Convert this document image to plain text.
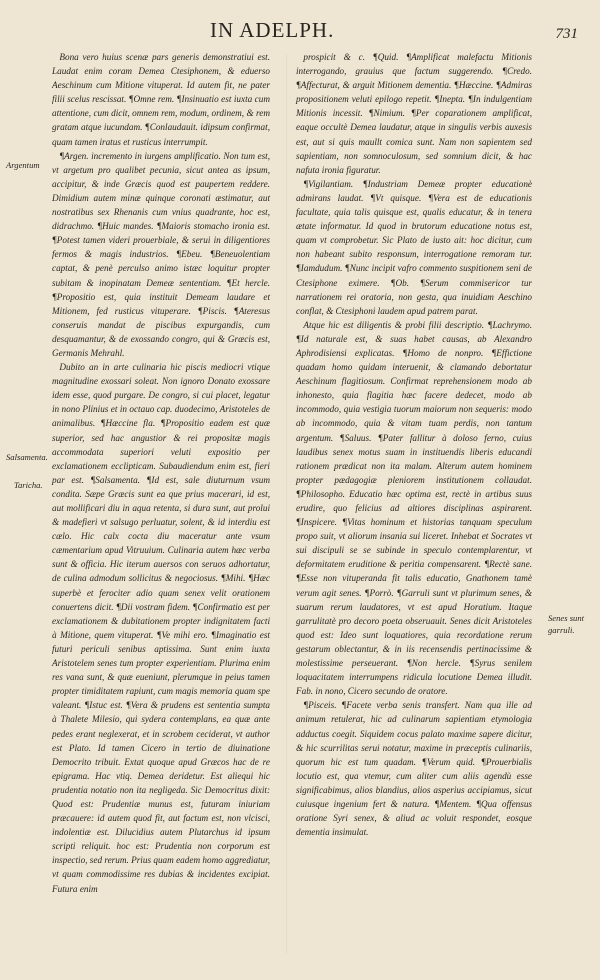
IN ADELPH.	731
Argentum
Salsamenta.
Taricha.
Senes sunt garruli.

Bona vero huius scenæ pars generis demonstratiui est. Laudat enim coram Demea Ctesiphonem, & eduerso Aeschinum cum Mitione vituperat. Id autem fit, ne pater filii scelus rescissat. ¶Omne rem. ¶Insinuatio est iuxta cum attentione, cum dicit, omnem rem, modum, ordinem, & rem gratam atque iucundam. ¶Conlaudauit. idipsum confirmat, quam tamen iratus et rusticus interrumpit.

¶Argen. incremento in iurgens amplificatio. Non tum est, vt argetum pro qualibet pecunia, sicut antea as ipsum, accipitur, & inde Græcis quod est paupertem reddere. Dimidium autem minæ quinque coronati æstimatur, aut nostratibus sex Rhenanis cum vnius quadrante, hoc est, didrachmo. ¶Huic mandes. ¶Maioris stomacho ironia est. ¶Potest tamen videri prouerbiale, & serui in diligentiores fermos & magis industrios. ¶Ebeu. ¶Beneuolentiam captat, & penè perculso animo istæc loquitur propter subitam & inopinatam Demeæ sententiam. ¶Et hercle. ¶Propositio est, quia instituit Demeam laudare et Mitionem, fed rusticus vituperare. ¶Piscis. ¶Ateresus conseruis mandat de piscibus expurgandis, cum desquamantur, & de exossando congro, qui & Græcis est, Germanis Mehrahl.

Dubito an in arte culinaria hic piscis mediocri vtique magnitudine exossari soleat. Non ignoro Donato exossare idem esse, quod purgare. De congro, si cui placet, legatur in nono Plinius et in octauo cap. duodecimo, Aristoteles de animalibus. ¶Hæccine fla. ¶Propositio eadem est quæ superior, sed hac angustior & rei propositæ magis accommodata superiori veluti expositio per exclamationem ecclipticam. Subaudiendum enim est, fieri par est. ¶Salsamenta. ¶Id est, sale diuturnum vsum condita. Sæpe Græcis sunt ea que prius macerari, id est, aut mollificari diu in aqua retenta, si dura sunt, aut prolui & madefieri vt salsugo perluatur, solent, & id interdiu est cælo. Hic calx cocta diu maceratur ante vsum cæmentarium apud Vitruuium. Culinaria autem hæc verba sunt & officia. Hic iterum auersos con seruos adhortatur, de culina admodum sollicitus & negociosus. ¶Mihi. ¶Hæc superbè et ferociter adio quam senex velit orationem conuertens dicit. ¶Dii vostram fidem. ¶Confirmatio est per exclamationem & dubitationem propter indignitatem facti à Mitione, quem vituperat. ¶Ve mihi ero. ¶Imaginatio est futuri periculi senibus aptissima. Sunt enim iuxta Aristotelem senes tum propter experientiam. Plurima enim res vana sunt, & quæ eueniunt, plerumque in peius tamen propter timiditatem rapiunt, cum magis memoria quam spe valeant. ¶Istuc est. ¶Vera & prudens est sententia sumpta à Thalete Milesio, qui sydera contemplans, ea quæ ante pedes erant neglexerat, et in scrobem ceciderat, vt author est Plato. Id tamen Cicero in tertio de diuinatione Democrito tribuit. Extat quoque apud Græcos hac de re epigrama. Hac vtiq. Demea deridetur. Est aliequi hic prudentia notatio non ita negligeda. Sic Democritus dixit: Quod est: Prudentiæ munus est, futuram iniuriam præcauere: id autem quod fit, aut factum est, non vlcisci, indolentiæ est. Dilucidius autem Plutarchus id ipsum scripti reliquit. hoc est: Prudentia non corporum est inspectio, sed rerum. Prius quam eadem homo aggrediatur, vt quam commodissime res dubias & incidentes excipiat. Futura enim

prospicit & c. ¶Quid. ¶Amplificat malefactu Mitionis interrogando, grauius que factum suggerendo. ¶Credo. ¶Affecturat, & arguit Mitionem dementia. ¶Hæccine. ¶Admiras propositionem veluti epilogo repetit. ¶Inepta. ¶In indulgentiam Mitionis incessit. ¶Nimium. ¶Per coparationem amplificat, eaque occultè Demea laudatur, atque in singulis verbis auxesis est, aut si quis maullt comica sunt. Nam non sapientem sed sapientiam, non somnoculosum, sed somnium dicit, & hac nafuta ironia figuratur.

¶Vigilantiam. ¶Industriam Demeæ propter educationè admirans laudat. ¶Vt quisque. ¶Vera est de educationis facultate, quia talis quisque est, qualis educatur, & in tenera ætate informatur. Id quod in brutorum educatione notus est, quam vt comprobetur. Sic Plato de iusto ait: hoc dicitur, cum non habeant subito responsum, interrogatione remoram tur. ¶Iamdudum. ¶Nunc incipit vafro commento suspitionem seni de Ctesiphone eximere. ¶Ob. ¶Serum commisericor tur narrationem rei oratoria, non gesta, qua inuidiam Aeschino conflat, & Ctesiphoni laudem apud patrem parat.

Atque hic est diligentis & probi filii descriptio. ¶Lachrymo. ¶Id naturale est, & suas habet causas, ab Alexandro Aphrodisiensi explicatas. ¶Homo de nonpro. ¶Effictione quadam homo quidam interuenit, & clamando debortatur Aeschinum flagitiosum. Confirmat reprehensionem modo ab inhonesto, quia flagitia hæc facere dedecet, modo ab incommodo, quia vestigia tuorum maiorum non sequeris: modo ab incommodo, quia & vitam tuam perdis, non tantum argentum. ¶Saluus. ¶Pater fallitur à doloso ferno, cuius laudibus senex motus suam in instituendis liberis educandi rationem prædicat non ita malam. Alterum autem hominem propter pædagogiæ pleniorem institutionem collaudat. ¶Philosopho. Educatio hæc optima est, rectè in artibus suus erudire, quo felicius ad altiores disciplinas aspirarent. ¶Inspicere. ¶Vitas hominum et historias tanquam speculum propo suit, vt aliorum insania sui liceret. Inhebat et Socrates vt sui discipuli se se subinde in speculo contemplarentur, vt deformitatem eruditione & peritia compensarent. ¶Rectè sane. ¶Esse non vituperanda fit talis educatio, Gnathonem tamè verum agit senes. ¶Porrò. ¶Garruli sunt vt plurimum senes, & suarum rerum laudatores, vt est apud Horatium. Itaque garrulitatè pro decoro poeta obseruauit. Senes dicit Aristoteles quod est: Ideo sunt loquatiores, quia recordatione rerum gestarum oblectantur, & in iis recensendis pertinacissime & molestissime perseuerant. ¶Non hercle. ¶Syrus senilem loquacitatem interrumpens ridicula locutione Demea illudit. Fab. in nono, Cicero secundo de oratore.

¶Pisceis. ¶Facete verba senis transfert. Nam qua ille ad animum retulerat, hic ad culinarum sapientiam etymologia adductus coegit. Siquidem cocus palato maxime sapere dicitur, & hic scurrilitas serui notatur, maxime in præceptis culinariis, quorum hic est tum quadam. ¶Verum quid. ¶Prouerbialis locutio est, qua vtemur, cum aliter cum aliis agendù esse significabimus, alios blandius, alios asperius accipiamus, sicut cuiusque ingenium fert & natura. ¶Mentem. ¶Qua offensus oratione Syri senex, & aliud ac voluit respondet, eosque dementia insimulat.
